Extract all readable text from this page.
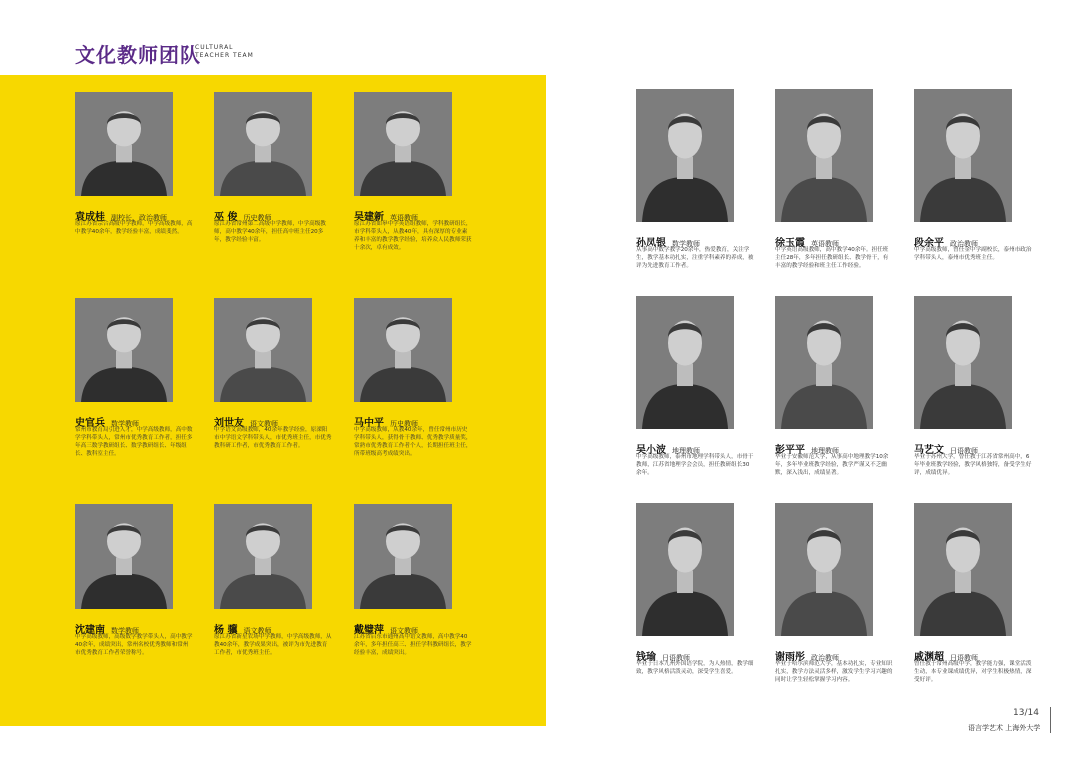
文化教师团队
CULTURAL
TEACHER TEAM
袁成桂 副校长、政治教师
原江苏省宗合高级中学教师，中学高级教师，高中教学40余年，教学经验丰富，成绩斐然。
巫 俊 历史教师
原江苏省常州第二高级中学教师，中学高级教师，高中教学40余年，担任高中班主任20多年，教学经验丰富。
吴建新 英语教师
原江苏省如皋中学英语组教师，学科教研组长，市学科带头人，从教40年，具有深厚的专业素养和丰富的教学教学经验，培养众人民教师荣获十余次，卓有成效。
史官兵 数学教师
常州市教育局引进人才，中学高级教师，高中数学学科带头人，常州市优秀教育工作者，担任多年高三数学教研组长、数学教研组长、年级组长、教科室主任。
刘世友 语文教师
中学语文高级教师，40余年教学经验，原溧阳市中学语文学科带头人，市优秀班主任，市优秀教科研工作者，市优秀教育工作者。
马中平 历史教师
中学高级教师，从教40余年，曾任常州市历史学科带头人，获得骨干教师、优秀教学质量奖，常熟市优秀教育工作者个人，长期担任班主任，所带班级高考成绩突出。
沈建南 数学教师
中学高级教师，高级数学教学带头人，高中教学40余年，成绩突出，常州名校优秀教师和常州市优秀教育工作者荣誉称号。
杨 骥 语文教师
原江苏省新星农场中学教师，中学高级教师，从教40余年，教学成果突出，被评为市先进教育工作者，市优秀班主任。
戴璧萍 语文教师
江苏省启东市通州高中语文教师，高中教学40余年，多年担任高三、担任学科教研组长，教学经验丰富，成绩突出。
孙凤银 数学教师
从事高中数学教学20余年，热爱教育，关注学生，教学基本功扎实，注重学科素养的养成，被评为先进教育工作者。
徐玉霞 英语教师
中学英语高级教师，高中教学40余年。担任班主任28年，多年担任教研组长、教学骨干，有丰富的教学经验和班主任工作经验。
段余平 政治教师
中学高级教师，曾任金中学副校长，泰州市政治学科带头人，泰州市优秀班主任。
吴小波 地理教师
中学高级教师，泰州市地理学科带头人，市骨干教师，江苏省地理学会会员，担任教研组长30余年。
彭平平 地理教师
毕业于安徽师范大学，从事高中地理教学10余年，多年毕业班教学经验，教学严谨又不乏幽默，深入浅出，成绩显著。
马艺文 日语教师
毕业于苏州大学，曾任教于江苏省常州高中，6年毕业班教学经验，教学风格独特，备受学生好评，成绩优异。
钱瑜 日语教师
毕业于日本九州外国语学院，为人热情，教学细致，教学风格活泼灵动，深受学生喜爱。
谢雨彤 政治教师
毕业于哈尔滨师范大学，基本功扎实，专业知识扎实，教学方法灵活多样，激发学生学习兴趣的同时让学生轻松掌握学习内容。
戚渊超 日语教师
曾任教于常州高级中学，教学能力强，课堂活泼生动，本专业课成绩优异，对学生积极热情，深受好评。
13/14
语言学艺术 上海外大学
